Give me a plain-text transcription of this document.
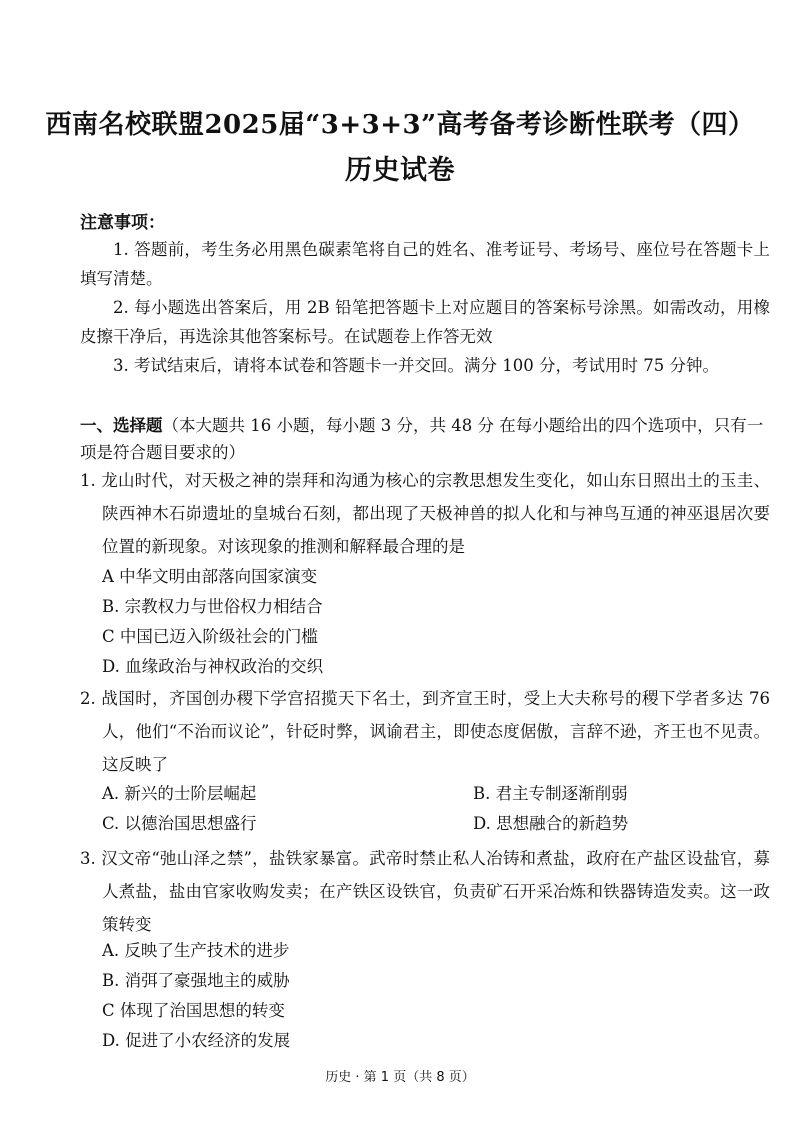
西南名校联盟2025届“3+3+3”高考备考诊断性联考（四）
历史试卷
注意事项：
1. 答题前，考生务必用黑色碳素笔将自己的姓名、准考证号、考场号、座位号在答题卡上填写清楚。
2. 每小题选出答案后，用 2B 铅笔把答题卡上对应题目的答案标号涂黑。如需改动，用橡皮擦干净后，再选涂其他答案标号。在试题卷上作答无效
3. 考试结束后，请将本试卷和答题卡一并交回。满分 100 分，考试用时 75 分钟。
一、选择题（本大题共 16 小题，每小题 3 分，共 48 分 在每小题给出的四个选项中，只有一项是符合题目要求的）
1. 龙山时代，对天极之神的崇拜和沟通为核心的宗教思想发生变化，如山东日照出土的玉圭、陕西神木石峁遗址的皇城台石刻，都出现了天极神兽的拟人化和与神鸟互通的神巫退居次要位置的新现象。对该现象的推测和解释最合理的是
A 中华文明由部落向国家演变
B. 宗教权力与世俗权力相结合
C 中国已迈入阶级社会的门槛
D. 血缘政治与神权政治的交织
2. 战国时，齐国创办稷下学宫招揽天下名士，到齐宣王时，受上大夫称号的稷下学者多达 76 人，他们“不治而议论”，针砭时弊，讽谕君主，即使态度倨傲，言辞不逊，齐王也不见责。这反映了
A. 新兴的士阶层崛起	B. 君主专制逐渐削弱
C. 以德治国思想盛行	D. 思想融合的新趋势
3. 汉文帝“弛山泽之禁”，盐铁家暴富。武帝时禁止私人冶铸和煮盐，政府在产盐区设盐官，募人煮盐，盐由官家收购发卖；在产铁区设铁官，负责矿石开采冶炼和铁器铸造发卖。这一政策转变
A. 反映了生产技术的进步
B. 消弭了豪强地主的威胁
C 体现了治国思想的转变
D. 促进了小农经济的发展
历史 · 第 1 页（共 8 页）
